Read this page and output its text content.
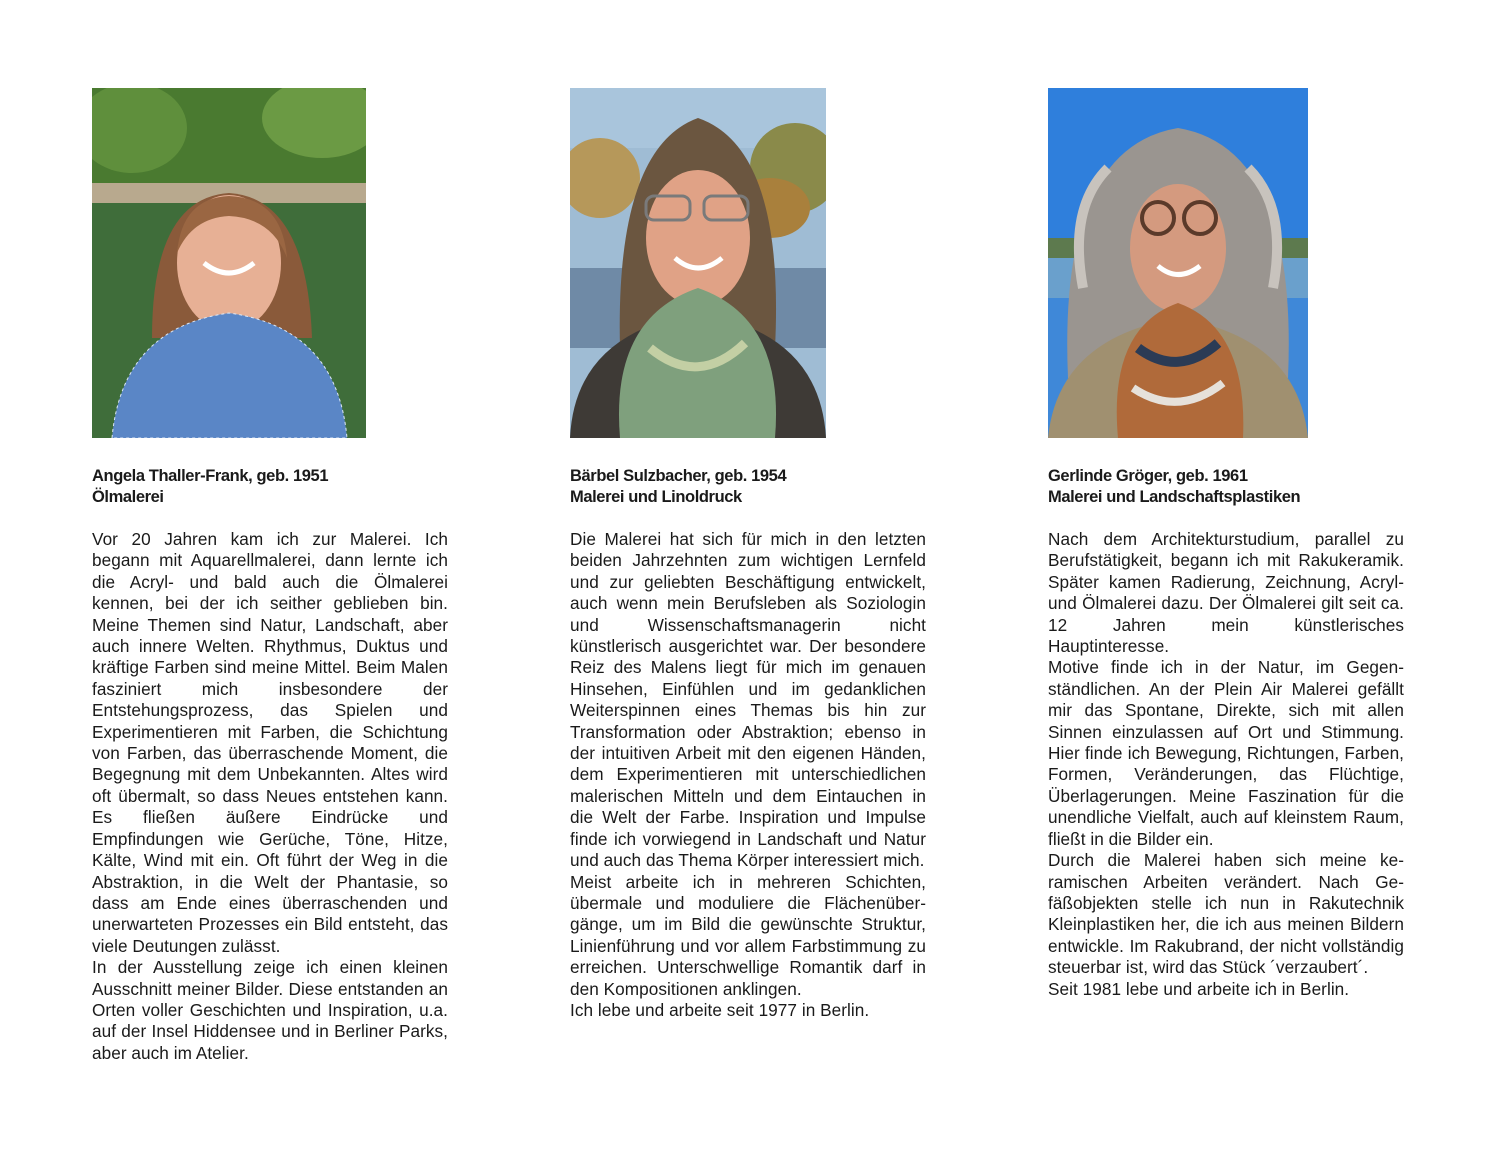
Angela Thaller-Frank, geb. 1951
Ölmalerei

Vor 20 Jahren kam ich zur Malerei. Ich begann mit Aquarellmalerei, dann lernte ich die Acryl- und bald auch die Ölmalerei kennen, bei der ich seither geblieben bin. Meine Themen sind Natur, Landschaft, aber auch innere Welten. Rhythmus, Duktus und kräftige Farben sind meine Mittel. Beim Malen fasziniert mich insbesondere der Entstehungsprozess, das Spielen und Experimentieren mit Farben, die Schichtung von Farben, das überraschende Moment, die Begegnung mit dem Unbekannten. Altes wird oft übermalt, so dass Neues entstehen kann. Es fließen äußere Eindrücke und Empfindungen wie Gerüche, Töne, Hitze, Kälte, Wind mit ein. Oft führt der Weg in die Abstraktion, in die Welt der Phantasie, so dass am Ende eines überraschenden und unerwarteten Prozesses ein Bild entsteht, das viele Deutungen zulässt.

In der Ausstellung zeige ich einen kleinen Ausschnitt meiner Bilder. Diese entstanden an Orten voller Geschichten und Inspiration, u.a. auf der Insel Hiddensee und in Berliner Parks, aber auch im Atelier.

Bärbel Sulzbacher, geb. 1954
Malerei und Linoldruck

Die Malerei hat sich für mich in den letzten beiden Jahrzehnten zum wichtigen Lernfeld und zur geliebten Beschäftigung entwickelt, auch wenn mein Berufsleben als Soziologin und Wissenschaftsmanagerin nicht künstlerisch ausgerichtet war. Der besondere Reiz des Malens liegt für mich im genauen Hinsehen, Einfühlen und im gedanklichen Weiterspinnen eines Themas bis hin zur Transformation oder Abstraktion; ebenso in der intuitiven Arbeit mit den eigenen Händen, dem Experimentieren mit unterschiedlichen malerischen Mitteln und dem Eintauchen in die Welt der Farbe. Inspiration und Impulse finde ich vorwiegend in Landschaft und Natur und auch das Thema Körper interessiert mich.

Meist arbeite ich in mehreren Schichten, übermale und moduliere die Flächenübergänge, um im Bild die gewünschte Struktur, Linienführung und vor allem Farbstimmung zu erreichen. Unterschwellige Romantik darf in den Kompositionen anklingen.

Ich lebe und arbeite seit 1977 in Berlin.

Gerlinde Gröger, geb. 1961
Malerei und Landschaftsplastiken

Nach dem Architekturstudium, parallel zu Berufstätigkeit, begann ich mit Rakukeramik. Später kamen Radierung, Zeichnung, Acryl- und Ölmalerei dazu. Der Ölmalerei gilt seit ca. 12 Jahren mein künstlerisches Hauptinteresse.

Motive finde ich in der Natur, im Gegenständlichen. An der Plein Air Malerei gefällt mir das Spontane, Direkte, sich mit allen Sinnen einzulassen auf Ort und Stimmung. Hier finde ich Bewegung, Richtungen, Farben, Formen, Veränderungen, das Flüchtige, Überlagerungen. Meine Faszination für die unendliche Vielfalt, auch auf kleinstem Raum, fließt in die Bilder ein.

Durch die Malerei haben sich meine keramischen Arbeiten verändert. Nach Gefäßobjekten stelle ich nun in Rakutechnik Kleinplastiken her, die ich aus meinen Bildern entwickle. Im Rakubrand, der nicht vollständig steuerbar ist, wird das Stück ´verzaubert´.

Seit 1981 lebe und arbeite ich in Berlin.
